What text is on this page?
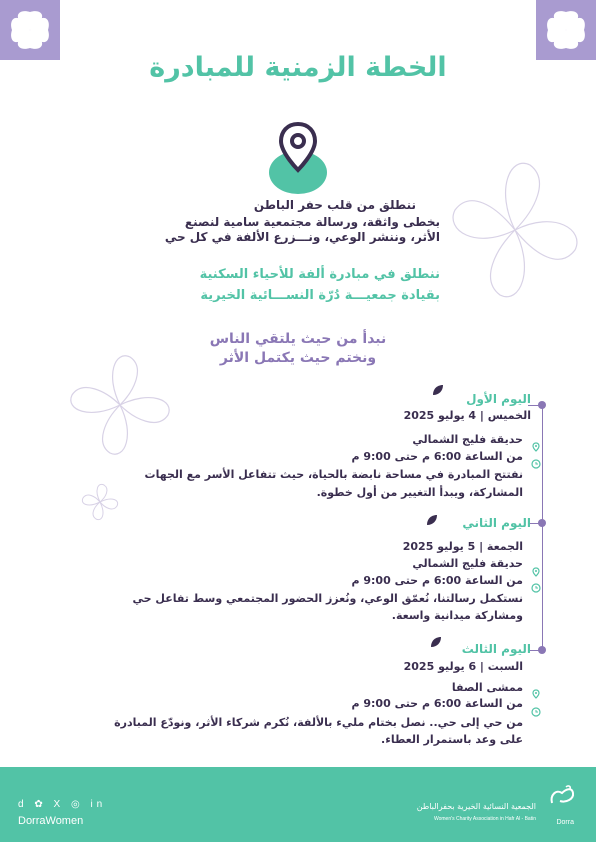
الخطة الزمنية للمبادرة
ننطلق من قلب حفر الباطن
بخطى واثقة، ورسالة مجتمعية سامية لنصنع
الأثر، وننشر الوعي، ونـــزرع الألفة في كل حي
ننطلق في مبادرة ألفة للأحياء السكنية
بقيادة جمعيـــة دُرّة النســـائية الخيرية
نبدأ من حيث يلتقي الناس
ونختم حيث يكتمل الأثر
اليوم الأول
الخميس | 4 يوليو 2025
حديقة فليج الشمالي
من الساعة 6:00 م حتى 9:00 م
نفتتح المبادرة في مساحة نابضة بالحياة، حيث تتفاعل الأسر مع الجهات
المشاركة، ويبدأ التغيير من أول خطوة.
اليوم الثاني
الجمعة | 5 يوليو 2025
حديقة فليج الشمالي
من الساعة 6:00 م حتى 9:00 م
نستكمل رسالتنا، نُعمّق الوعي، ونُعزز الحضور المجتمعي وسط تفاعل حي
ومشاركة ميدانية واسعة.
اليوم الثالث
السبت | 6 يوليو 2025
ممشى الصفا
من الساعة 6:00 م حتى 9:00 م
من حي إلى حي.. نصل بختام مليء بالألفة، نُكرم شركاء الأثر، ونودّع المبادرة
على وعد باستمرار العطاء.
d ✿ X ◎ in
DorraWomen
الجمعية النسائية الخيرية بحفرالباطن
Women's Charity Association in Hafr Al - Batin	Dorra
